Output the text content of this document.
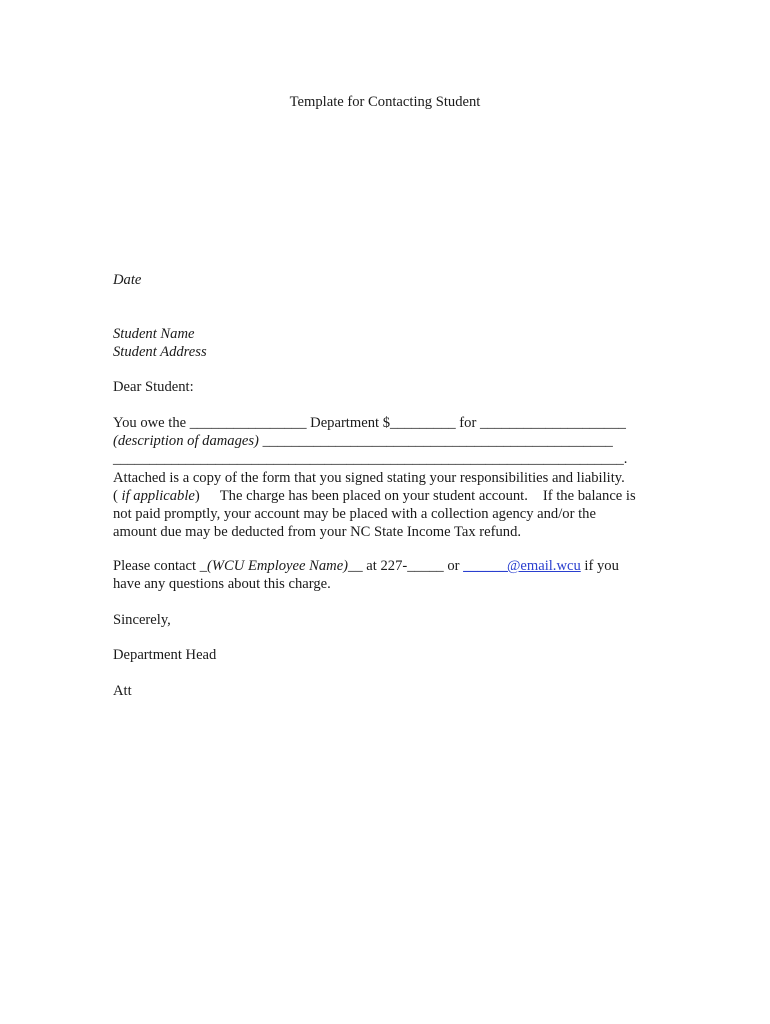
Template for Contacting Student
Date
Student Name
Student Address
Dear Student:
You owe the ________________ Department $_________ for ____________________
(description of damages) ________________________________________________
______________________________________________________________________.
Attached is a copy of the form that you signed stating your responsibilities and liability.
( if applicable) The charge has been placed on your student account. If the balance is
not paid promptly, your account may be placed with a collection agency and/or the
amount due may be deducted from your NC State Income Tax refund.
Please contact _(WCU Employee Name)__ at 227-_____ or ______@email.wcu if you
have any questions about this charge.
Sincerely,
Department Head
Att
